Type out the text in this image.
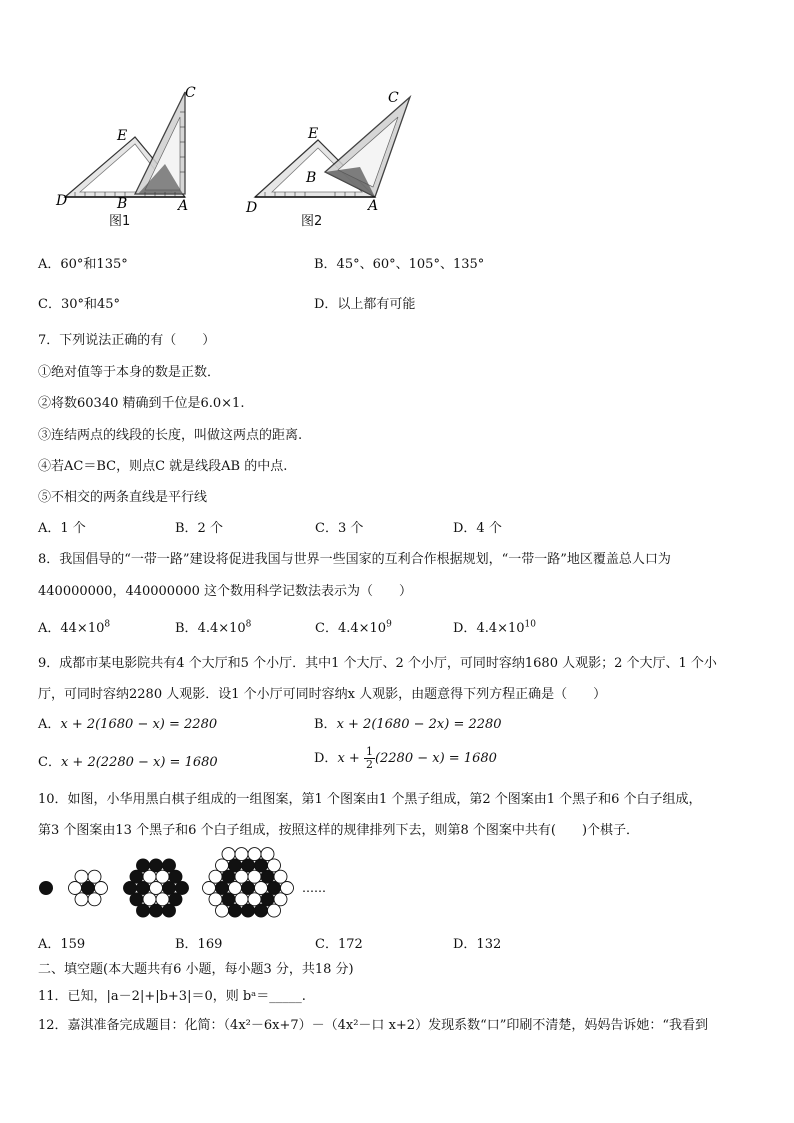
C
E
D	B	A
C
E
D
B
A
图1	图2
A．60°和135°	B．45°、60°、105°、135°
C．30°和45°	D．以上都有可能
7．下列说法正确的有（　　）
①绝对值等于本身的数是正数．
②将数60340 精确到千位是6.0×1.
③连结两点的线段的长度，叫做这两点的距离.
④若AC＝BC，则点C 就是线段AB 的中点.
⑤不相交的两条直线是平行线
A．1 个	B．2 个	C．3 个	D．4 个
8．我国倡导的“一带一路”建设将促进我国与世界一些国家的互利合作根据规划，“一带一路”地区覆盖总人口为
440000000，440000000 这个数用科学记数法表示为（　　）
A．$44\times 10^8$	B．$4.4\times 10^8$	C．$4.4\times 10^9$	D．$4.4\times 10^{10}$
9．成都市某电影院共有4 个大厅和5 个小厅．其中1 个大厅、2 个小厅，可同时容纳1680 人观影；2 个大厅、1 个小
厅，可同时容纳2280 人观影．设1 个小厅可同时容纳x 人观影，由题意得下列方程正确是（　　）
A．x + 2(1680 − x) = 2280	B．x + 2(1680 − 2x) = 2280
C．x + 2(2280 − x) = 1680	D．$x + \frac{1}{2} (2280 - x) = 1680$
10．如图，小华用黑白棋子组成的一组图案，第1 个图案由1 个黑子组成，第2 个图案由1 个黑子和6 个白子组成，
第3 个图案由13 个黑子和6 个白子组成，按照这样的规律排列下去，则第8 个图案中共有(　　)个棋子．
……
A．159	B．169	C．172	D．132
二、填空题(本大题共有6 小题，每小题3 分，共18 分)
11．已知，|a－2|+|b+3|＝0，则 bᵃ＝_____.
12．嘉淇准备完成题目：化简：（4x²－6x+7）－（4x²－口 x+2）发现系数“口”印刷不清楚，妈妈告诉她：“我看到
